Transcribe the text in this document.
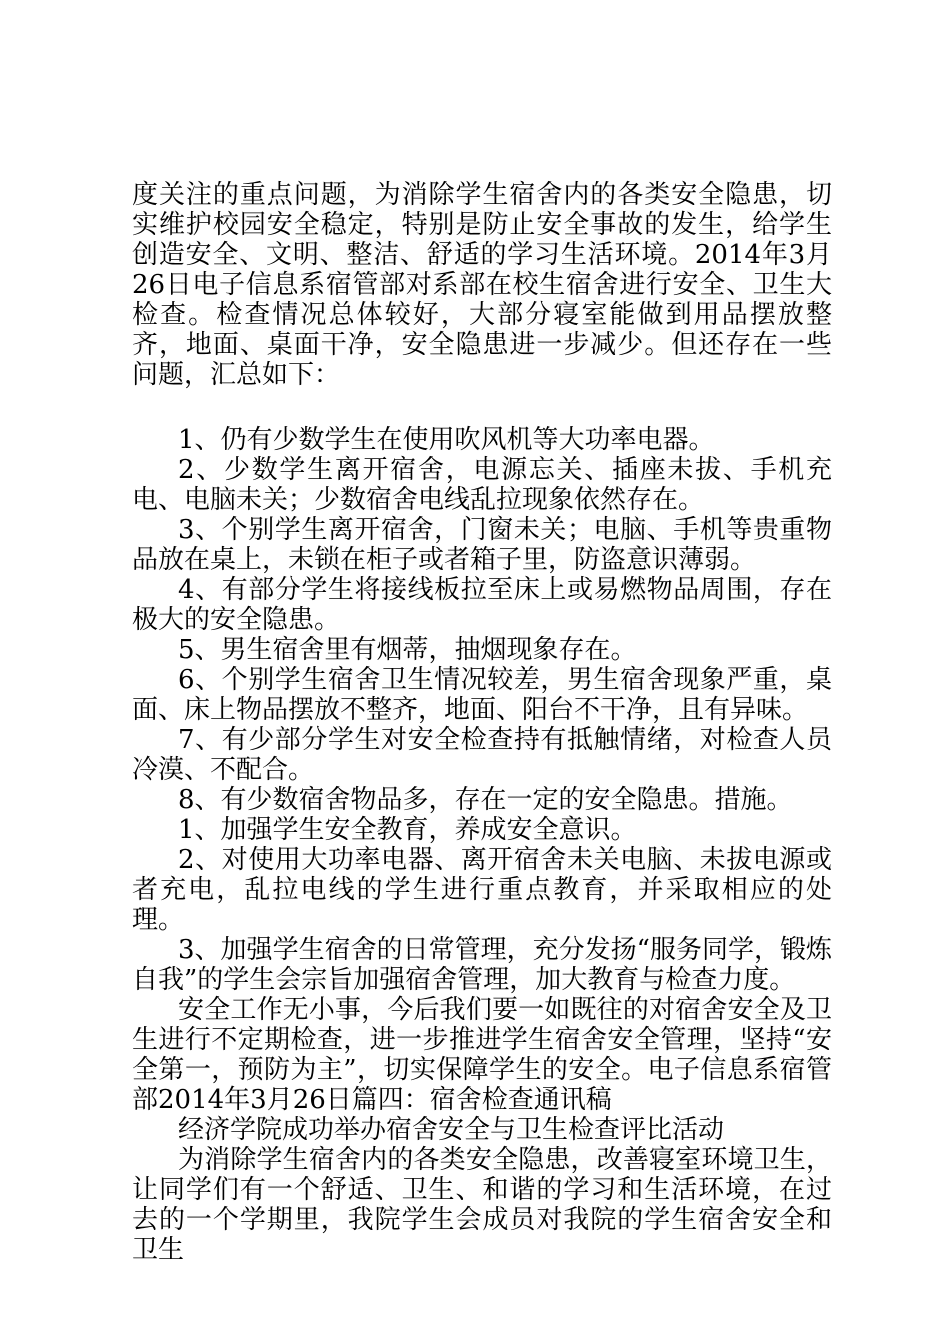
度关注的重点问题，为消除学生宿舍内的各类安全隐患，切实维护校园安全稳定，特别是防止安全事故的发生，给学生创造安全、文明、整洁、舒适的学习生活环境。2014年3月26日电子信息系宿管部对系部在校生宿舍进行安全、卫生大检查。检查情况总体较好，大部分寝室能做到用品摆放整齐，地面、桌面干净，安全隐患进一步减少。但还存在一些问题，汇总如下：

1、仍有少数学生在使用吹风机等大功率电器。

2、少数学生离开宿舍，电源忘关、插座未拔、手机充电、电脑未关；少数宿舍电线乱拉现象依然存在。

3、个别学生离开宿舍，门窗未关；电脑、手机等贵重物品放在桌上，未锁在柜子或者箱子里，防盗意识薄弱。

4、有部分学生将接线板拉至床上或易燃物品周围，存在极大的安全隐患。

5、男生宿舍里有烟蒂，抽烟现象存在。

6、个别学生宿舍卫生情况较差，男生宿舍现象严重，桌面、床上物品摆放不整齐，地面、阳台不干净，且有异味。

7、有少部分学生对安全检查持有抵触情绪，对检查人员冷漠、不配合。

8、有少数宿舍物品多，存在一定的安全隐患。措施。

1、加强学生安全教育，养成安全意识。

2、对使用大功率电器、离开宿舍未关电脑、未拔电源或者充电，乱拉电线的学生进行重点教育，并采取相应的处理。

3、加强学生宿舍的日常管理，充分发扬“服务同学，锻炼自我”的学生会宗旨加强宿舍管理，加大教育与检查力度。

安全工作无小事，今后我们要一如既往的对宿舍安全及卫生进行不定期检查，进一步推进学生宿舍安全管理，坚持“安全第一，预防为主”，切实保障学生的安全。电子信息系宿管部2014年3月26日篇四：宿舍检查通讯稿

经济学院成功举办宿舍安全与卫生检查评比活动

为消除学生宿舍内的各类安全隐患，改善寝室环境卫生，让同学们有一个舒适、卫生、和谐的学习和生活环境，在过去的一个学期里，我院学生会成员对我院的学生宿舍安全和卫生
